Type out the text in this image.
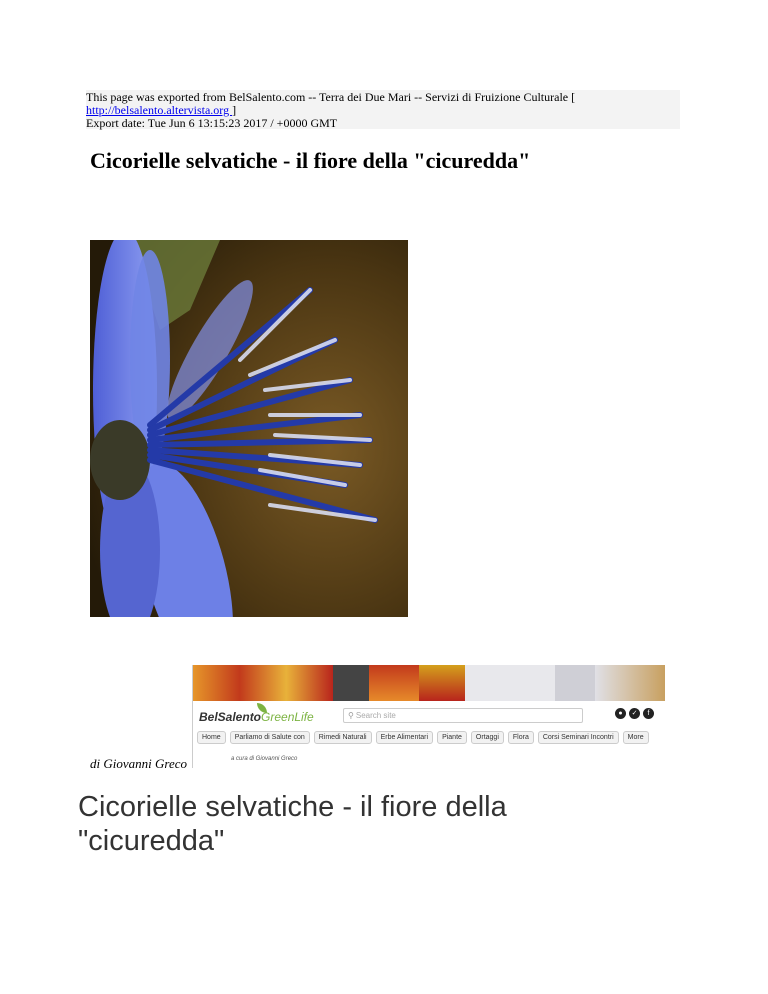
This page was exported from BelSalento.com -- Terra dei Due Mari -- Servizi di Fruizione Culturale [
http://belsalento.altervista.org ]
Export date: Tue Jun 6 13:15:23 2017 / +0000 GMT
Cicorielle selvatiche - il fiore della "cicuredda"
BelSalentoGreenLife	⚲ Search site	●	✓	f
Home	Parliamo di Salute con	Rimedi Naturali	Erbe Alimentari	Piante	Ortaggi	Flora	Corsi Seminari Incontri	More
a cura di Giovanni Greco
di Giovanni Greco
Cicorielle selvatiche - il fiore della "cicuredda"
